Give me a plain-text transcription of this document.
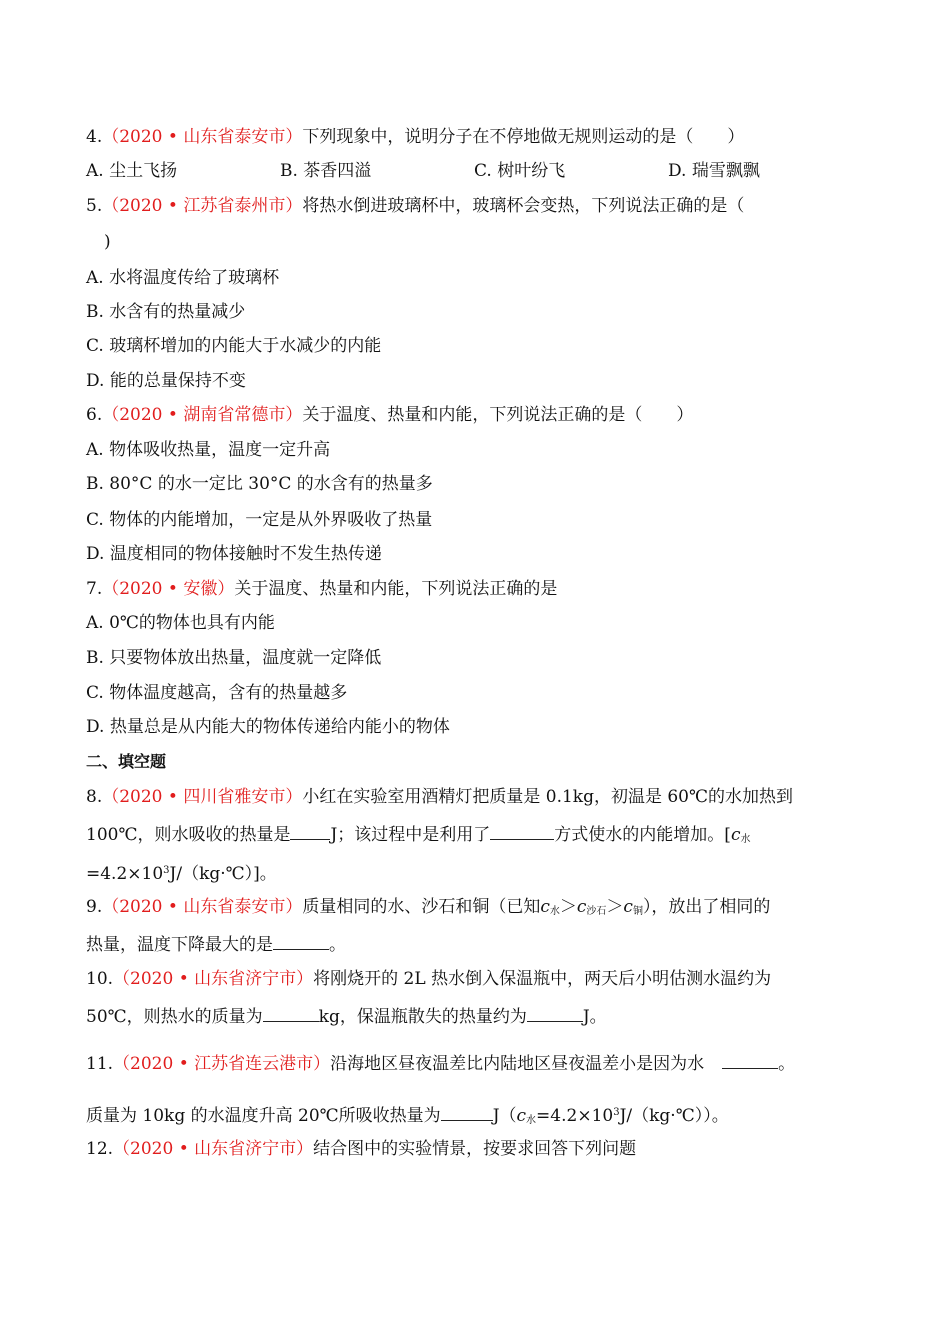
4.（2020 • 山东省泰安市）下列现象中，说明分子在不停地做无规则运动的是（　　）
A. 尘土飞扬	B. 茶香四溢	C. 树叶纷飞	D. 瑞雪飘飘
5.（2020 • 江苏省泰州市）将热水倒进玻璃杯中，玻璃杯会变热，下列说法正确的是（
)
A. 水将温度传给了玻璃杯
B. 水含有的热量减少
C. 玻璃杯增加的内能大于水减少的内能
D. 能的总量保持不变
6.（2020 • 湖南省常德市）关于温度、热量和内能，下列说法正确的是（　　）
A. 物体吸收热量，温度一定升高
B. 80°C 的水一定比 30°C 的水含有的热量多
C. 物体的内能增加，一定是从外界吸收了热量
D. 温度相同的物体接触时不发生热传递
7.（2020 • 安徽）关于温度、热量和内能，下列说法正确的是
A. 0℃的物体也具有内能
B. 只要物体放出热量，温度就一定降低
C. 物体温度越高，含有的热量越多
D. 热量总是从内能大的物体传递给内能小的物体
二、填空题
8.（2020 • 四川省雅安市）小红在实验室用酒精灯把质量是 0.1kg，初温是 60℃的水加热到
100℃，则水吸收的热量是 J；该过程中是利用了	方式使水的内能增加。[$c_水$
$=4.2\times 10^3J/(kg\cdot℃)$]。
9.（2020 • 山东省泰安市）质量相同的水、沙石和铜（已知$c_水>c_{沙石}>c_铜$），放出了相同的
热量，温度下降最大的是	。
10.（2020 • 山东省济宁市）将刚烧开的 2L 热水倒入保温瓶中，两天后小明估测水温约为
50℃，则热水的质量为	kg，保温瓶散失的热量约为	J。
11.（2020 • 江苏省连云港市）沿海地区昼夜温差比内陆地区昼夜温差小是因为水	。
质量为 10kg 的水温度升高 20℃所吸收热量为	$J(c_水=4.2\times 10^3J/(kg\cdot℃))$。
12.（2020 • 山东省济宁市）结合图中的实验情景，按要求回答下列问题
